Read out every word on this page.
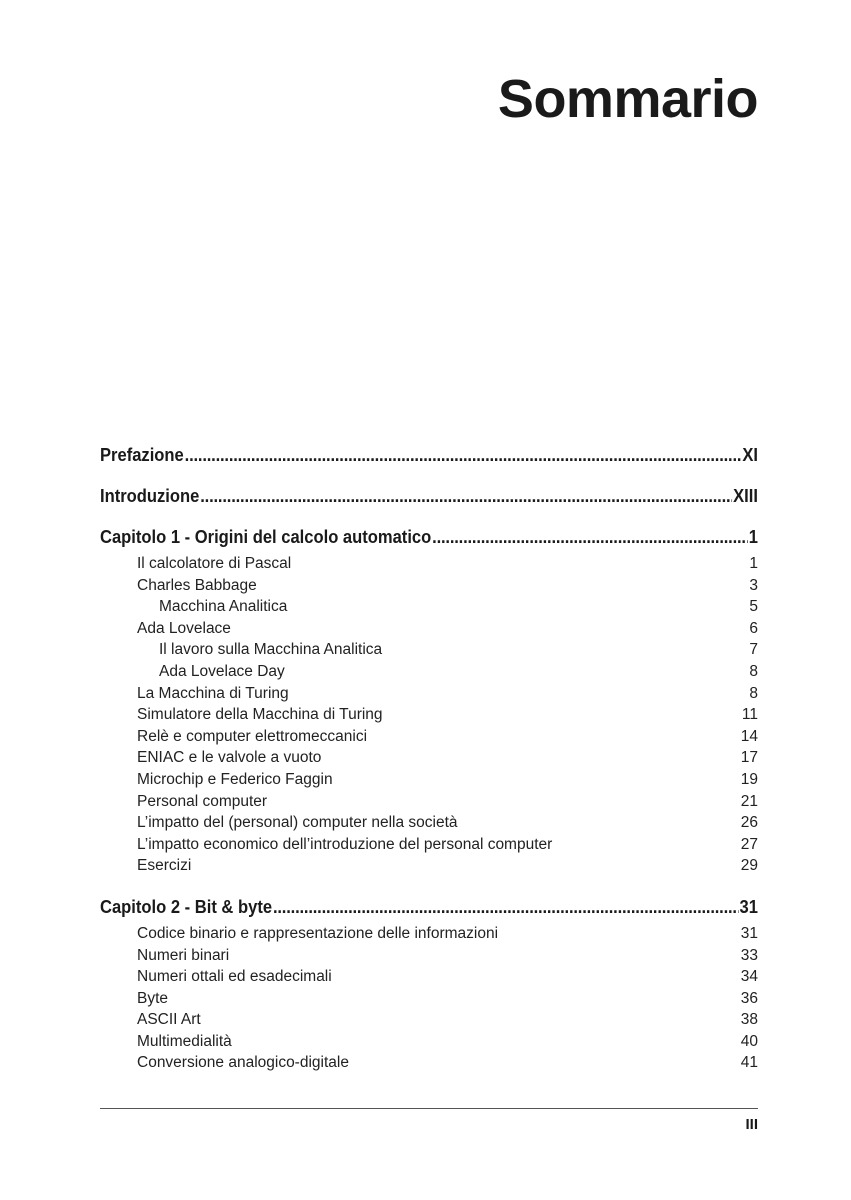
Sommario
Prefazione . . .	XI
Introduzione . . .	XIII
Capitolo 1 - Origini del calcolo automatico . . .	1
Il calcolatore di Pascal	1
Charles Babbage	3
Macchina Analitica	5
Ada Lovelace	6
Il lavoro sulla Macchina Analitica	7
Ada Lovelace Day	8
La Macchina di Turing	8
Simulatore della Macchina di Turing	11
Relè e computer elettromeccanici	14
ENIAC e le valvole a vuoto	17
Microchip e Federico Faggin	19
Personal computer	21
L’impatto del (personal) computer nella società	26
L’impatto economico dell’introduzione del personal computer	27
Esercizi	29
Capitolo 2 - Bit & byte . . .	31
Codice binario e rappresentazione delle informazioni	31
Numeri binari	33
Numeri ottali ed esadecimali	34
Byte	36
ASCII Art	38
Multimedialità	40
Conversione analogico-digitale	41
III
